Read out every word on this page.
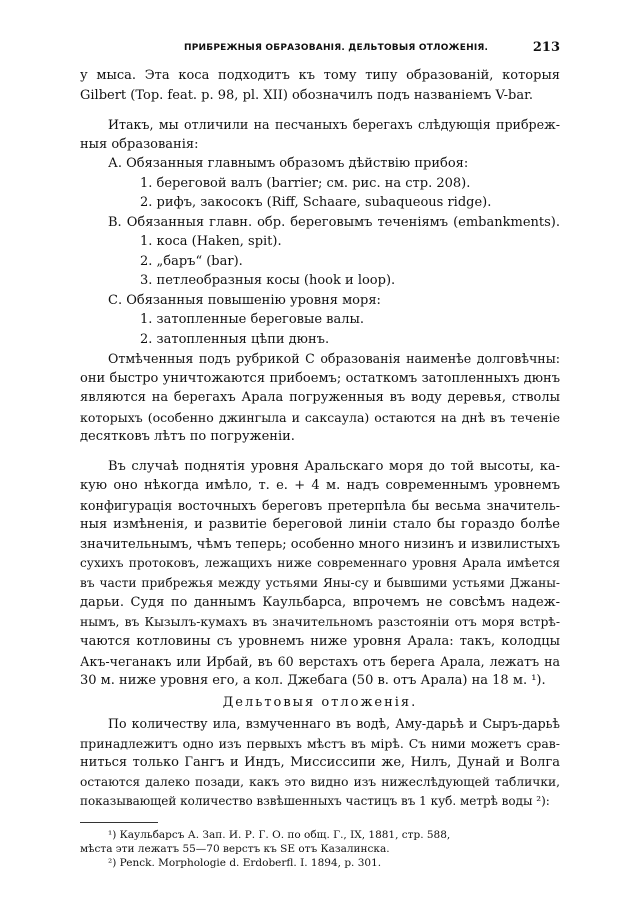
ПРИБРЕЖНЫЯ ОБРАЗОВАНІЯ. ДЕЛЬТОВЫЯ ОТЛОЖЕНІЯ.	213
у мыса. Эта коса подходитъ къ тому типу образованій, которыя
Gilbert (Top. feat. p. 98, pl. XII) обозначилъ подъ названіемъ V-bar.
Итакъ, мы отличили на песчаныхъ берегахъ слѣдующія прибреж-
ныя образованія:
А. Обязанныя главнымъ образомъ дѣйствію прибоя:
1. береговой валъ (barrier; см. рис. на стр. 208).
2. рифъ, закосокъ (Riff, Schaare, subaqueous ridge).
В. Обязанныя главн. обр. береговымъ теченіямъ (embankments).
1. коса (Haken, spit).
2. „баръ“ (bar).
3. петлеобразныя косы (hook и loop).
С. Обязанныя повышенію уровня моря:
1. затопленные береговые валы.
2. затопленныя цѣпи дюнъ.
Отмѣченныя подъ рубрикой С образованія наименѣе долговѣчны:
они быстро уничтожаются прибоемъ; остаткомъ затопленныхъ дюнъ
являются на берегахъ Арала погруженныя въ воду деревья, стволы
которыхъ (особенно джингыла и саксаула) остаются на днѣ въ теченіе
десятковъ лѣтъ по погруженіи.
Въ случаѣ поднятія уровня Аральскаго моря до той высоты, ка-
кую оно нѣкогда имѣло, т. е. + 4 м. надъ современнымъ уровнемъ
конфигурація восточныхъ береговъ претерпѣла бы весьма значитель-
ныя измѣненія, и развитіе береговой линіи стало бы гораздо болѣе
значительнымъ, чѣмъ теперь; особенно много низинъ и извилистыхъ
сухихъ протоковъ, лежащихъ ниже современнаго уровня Арала имѣется
въ части прибрежья между устьями Яны-су и бывшими устьями Джаны-
дарьи. Судя по даннымъ Каульбарса, впрочемъ не совсѣмъ надеж-
нымъ, въ Кызылъ-кумахъ въ значительномъ разстояніи отъ моря встрѣ-
чаются котловины съ уровнемъ ниже уровня Арала: такъ, колодцы
Акъ-чеганакъ или Ирбай, въ 60 верстахъ отъ берега Арала, лежатъ на
30 м. ниже уровня его, а кол. Джебага (50 в. отъ Арала) на 18 м. ¹).
Дельтовыя отложенія.
По количеству ила, взмученнаго въ водѣ, Аму-дарьѣ и Сыръ-дарьѣ
принадлежитъ одно изъ первыхъ мѣстъ въ мірѣ. Съ ними можетъ срав-
ниться только Гангъ и Индъ, Миссиссипи же, Нилъ, Дунай и Волга
остаются далеко позади, какъ это видно изъ нижеслѣдующей таблички,
показывающей количество взвѣшенныхъ частицъ въ 1 куб. метрѣ воды ²):
¹) Каульбарсъ А. Зап. И. Р. Г. О. по общ. Г., IX, 1881, стр. 588,
мѣста эти лежатъ 55—70 верстъ къ SE отъ Казалинска.
²) Penck. Morphologie d. Erdoberfl. I. 1894, p. 301.
